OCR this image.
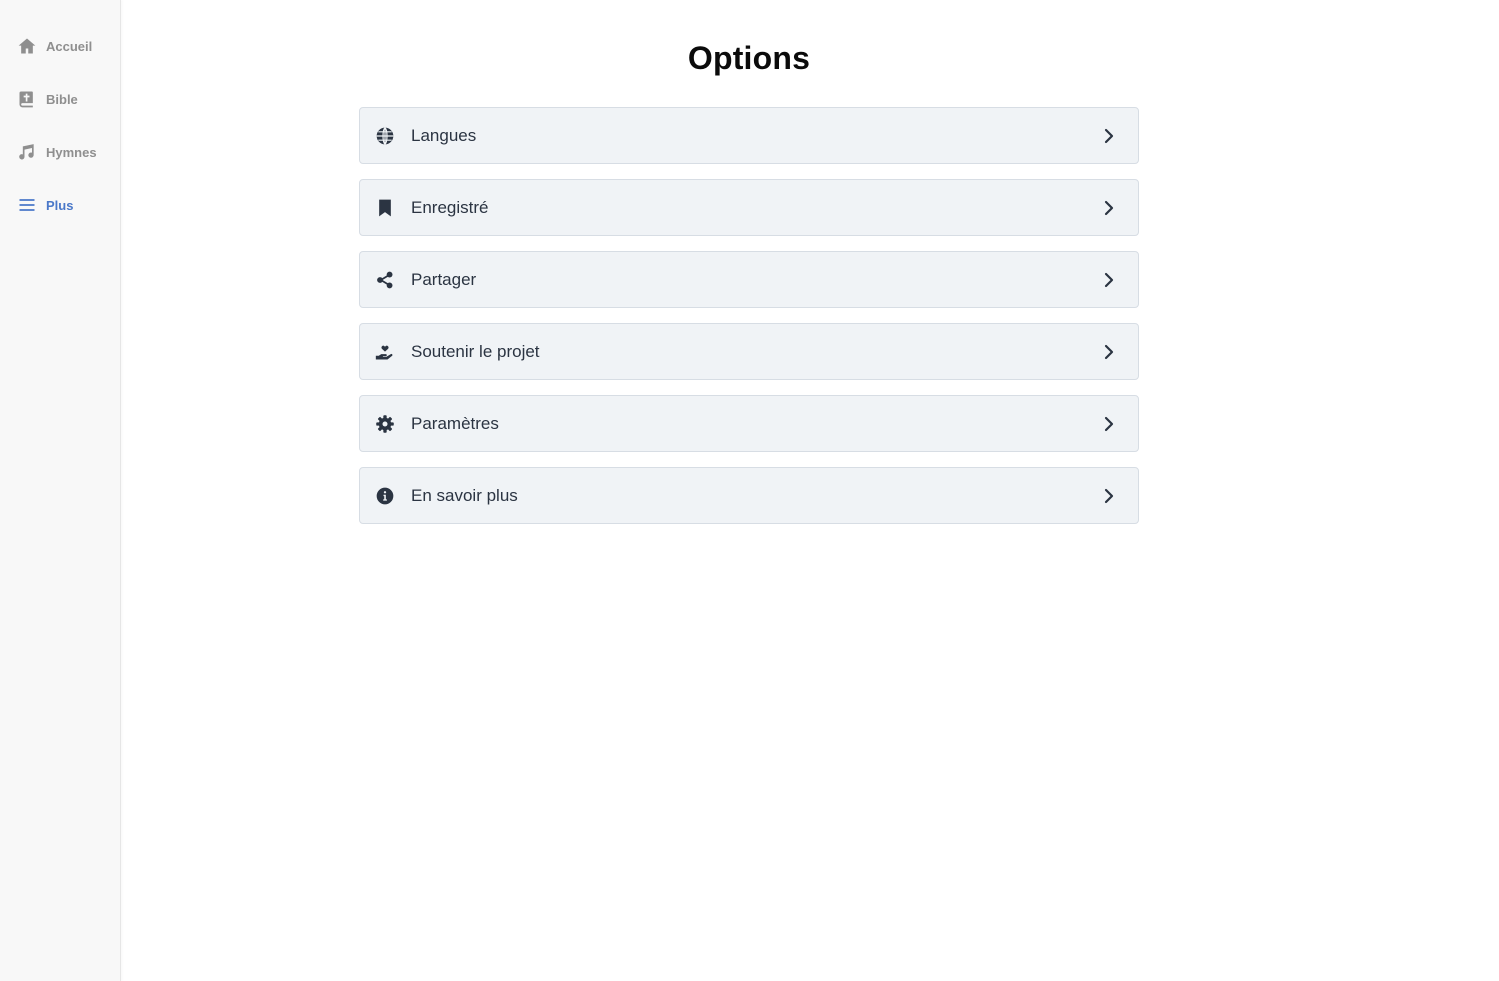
Accueil
Bible
Hymnes
Plus
Options
Langues
Enregistré
Partager
Soutenir le projet
Paramètres
En savoir plus
